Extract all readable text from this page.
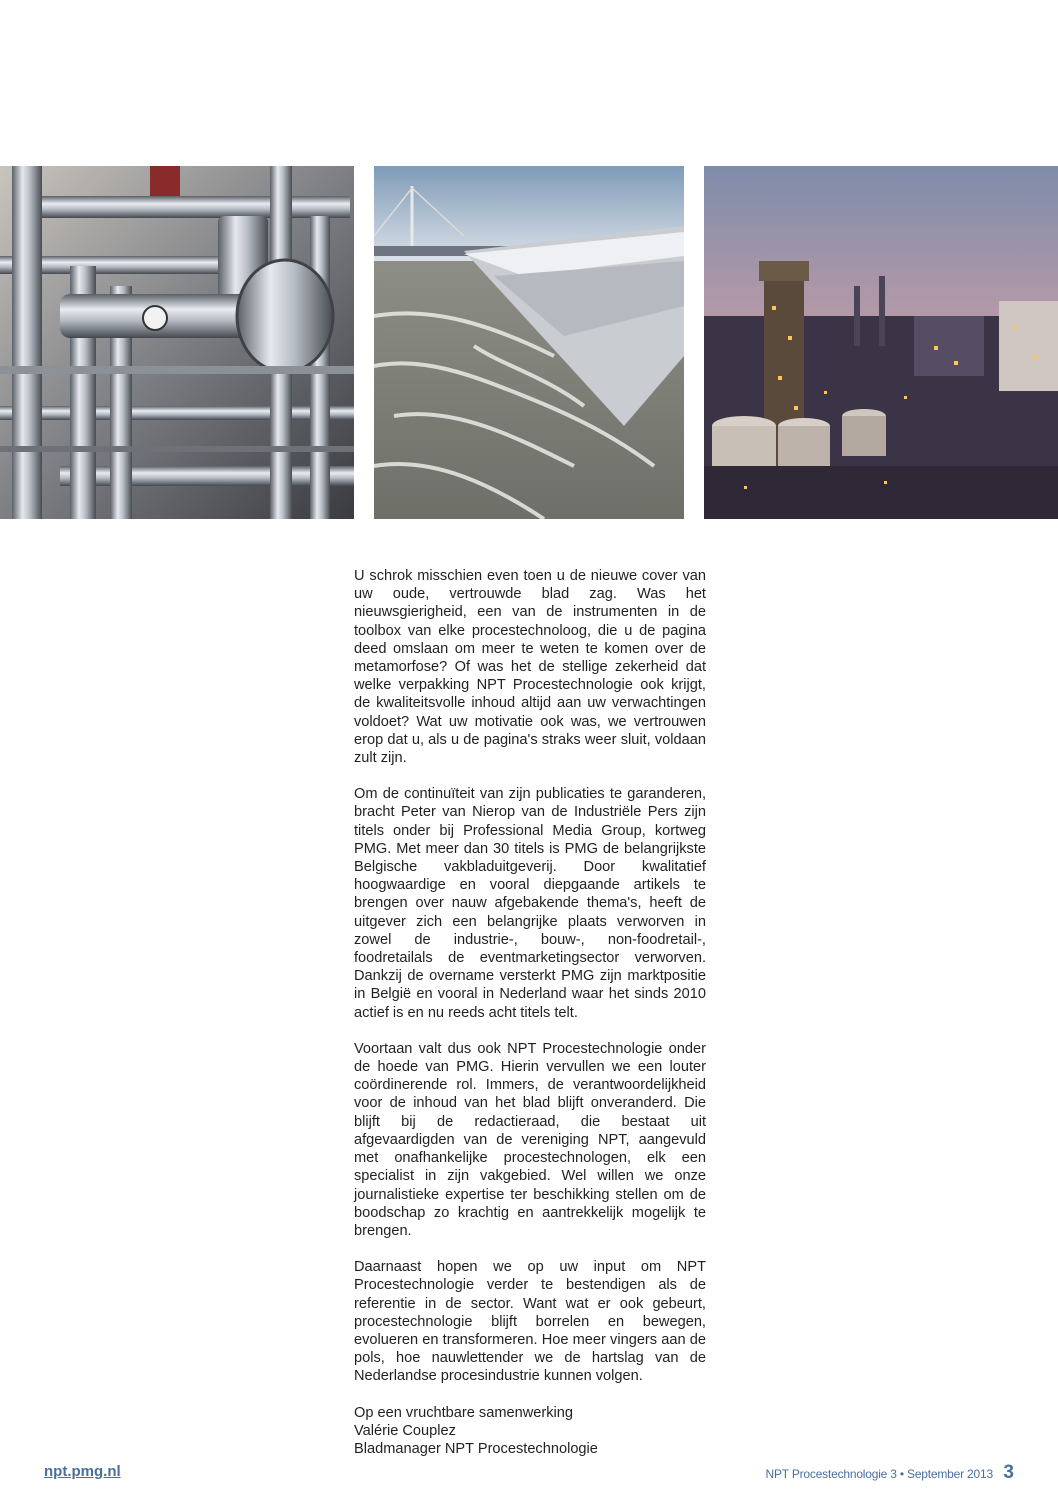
U schrok misschien even toen u de nieuwe cover van uw oude, vertrouwde blad zag. Was het nieuwsgierigheid, een van de instrumenten in de toolbox van elke procestechnoloog, die u de pagina deed omslaan om meer te weten te komen over de metamorfose? Of was het de stellige zekerheid dat welke verpakking NPT Procestechnologie ook krijgt, de kwaliteitsvolle inhoud altijd aan uw verwachtingen voldoet? Wat uw motivatie ook was, we vertrouwen erop dat u, als u de pagina's straks weer sluit, voldaan zult zijn.

Om de continuïteit van zijn publicaties te garanderen, bracht Peter van Nierop van de Industriële Pers zijn titels onder bij Professional Media Group, kortweg PMG. Met meer dan 30 titels is PMG de belangrijkste Belgische vakbladuitgeverij. Door kwalitatief hoogwaardige en vooral diepgaande artikels te brengen over nauw afgebakende thema's, heeft de uitgever zich een belangrijke plaats verworven in zowel de industrie-, bouw-, non-foodretail-, foodretailals de eventmarketingsector verworven. Dankzij de overname versterkt PMG zijn marktpositie in België en vooral in Nederland waar het sinds 2010 actief is en nu reeds acht titels telt.

Voortaan valt dus ook NPT Procestechnologie onder de hoede van PMG. Hierin vervullen we een louter coördinerende rol. Immers, de verantwoordelijkheid voor de inhoud van het blad blijft onveranderd. Die blijft bij de redactieraad, die bestaat uit afgevaardigden van de vereniging NPT, aangevuld met onafhankelijke procestechnologen, elk een specialist in zijn vakgebied. Wel willen we onze journalistieke expertise ter beschikking stellen om de boodschap zo krachtig en aantrekkelijk mogelijk te brengen.

Daarnaast hopen we op uw input om NPT Procestechnologie verder te bestendigen als de referentie in de sector. Want wat er ook gebeurt, procestechnologie blijft borrelen en bewegen, evolueren en transformeren. Hoe meer vingers aan de pols, hoe nauwlettender we de hartslag van de Nederlandse procesindustrie kunnen volgen.

Op een vruchtbare samenwerking

Valérie Couplez

Bladmanager NPT Procestechnologie

npt.pmg.nl	NPT Procestechnologie 3 • September 2013 3
